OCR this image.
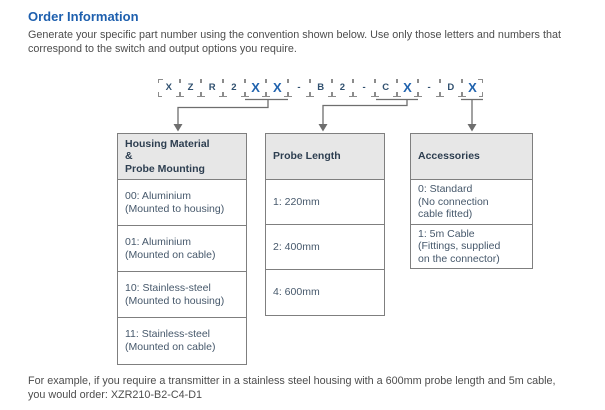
Order Information
Generate your specific part number using the convention shown below. Use only those letters and numbers that
correspond to the switch and output options you require.
X Z R 2 X X - B 2 - C X - D X
Housing Material
&
Probe Mounting
00: Aluminium
(Mounted to housing)
01: Aluminium
(Mounted on cable)
10: Stainless-steel
(Mounted to housing)
11: Stainless-steel
(Mounted on cable)
Probe Length
1: 220mm
2: 400mm
4: 600mm
Accessories
0: Standard
(No connection
cable fitted)
1: 5m Cable
(Fittings, supplied
on the connector)
For example, if you require a transmitter in a stainless steel housing with a 600mm probe length and 5m cable,
you would order: XZR210-B2-C4-D1
